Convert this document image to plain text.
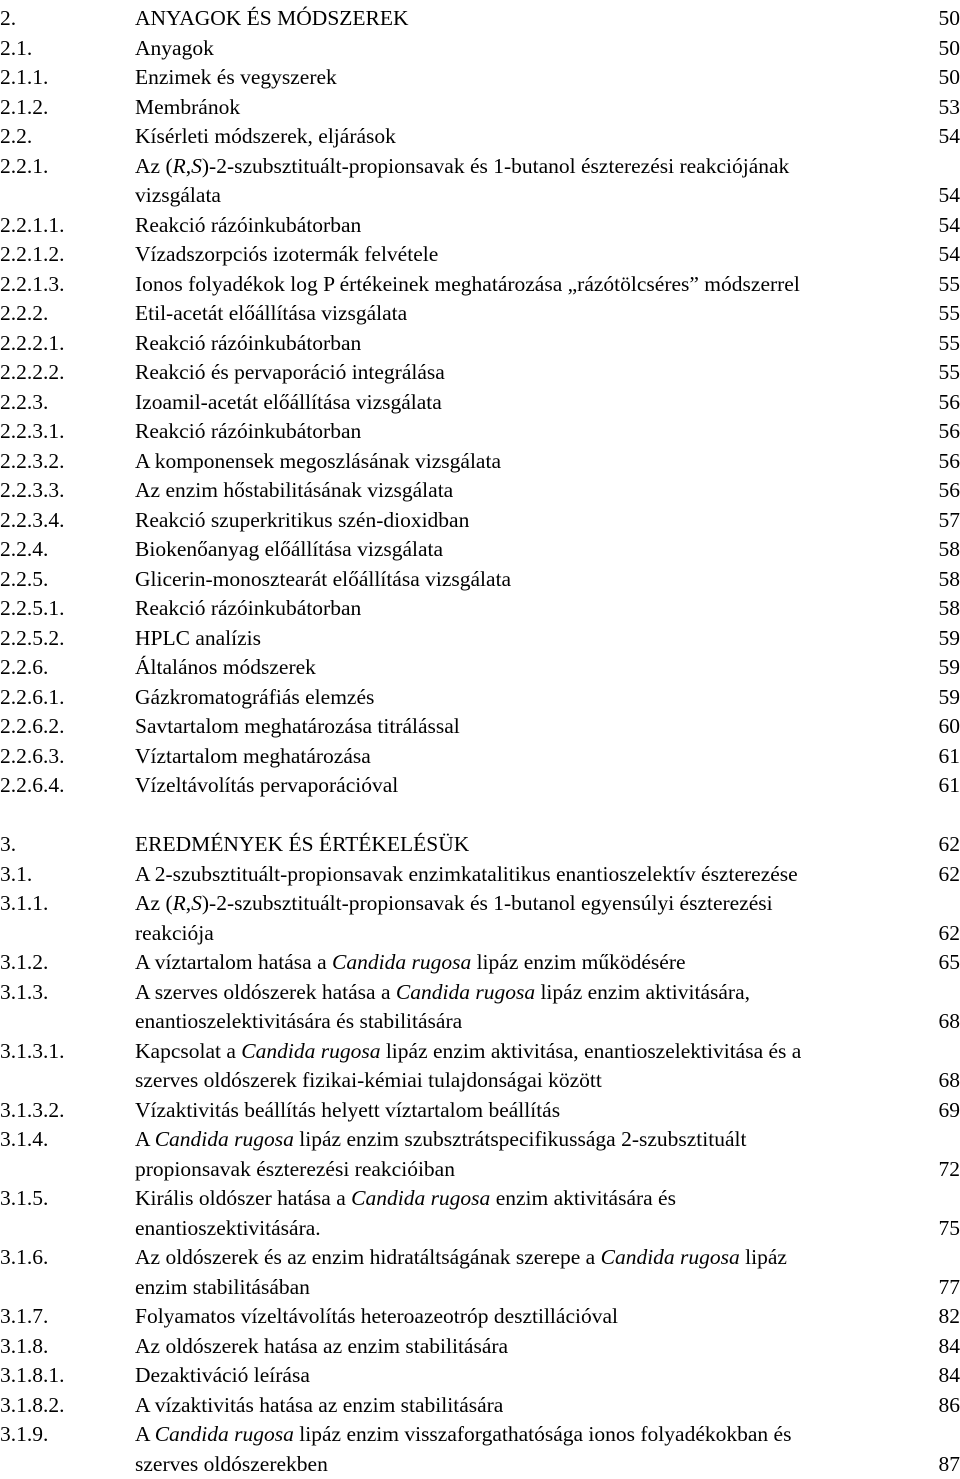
2.	ANYAGOK ÉS MÓDSZEREK	50
2.1.	Anyagok	50
2.1.1.	Enzimek és vegyszerek	50
2.1.2.	Membránok	53
2.2.	Kísérleti módszerek, eljárások	54
2.2.1.	Az (R,S)-2-szubsztituált-propionsavak és 1-butanol észterezési reakciójának
vizsgálata	54
2.2.1.1.	Reakció rázóinkubátorban	54
2.2.1.2.	Vízadszorpciós izotermák felvétele	54
2.2.1.3.	Ionos folyadékok log P értékeinek meghatározása „rázótölcséres” módszerrel	55
2.2.2.	Etil-acetát előállítása vizsgálata	55
2.2.2.1.	Reakció rázóinkubátorban	55
2.2.2.2.	Reakció és pervaporáció integrálása	55
2.2.3.	Izoamil-acetát előállítása vizsgálata	56
2.2.3.1.	Reakció rázóinkubátorban	56
2.2.3.2.	A komponensek megoszlásának vizsgálata	56
2.2.3.3.	Az enzim hőstabilitásának vizsgálata	56
2.2.3.4.	Reakció szuperkritikus szén-dioxidban	57
2.2.4.	Biokenőanyag előállítása vizsgálata	58
2.2.5.	Glicerin-monosztearát előállítása vizsgálata	58
2.2.5.1.	Reakció rázóinkubátorban	58
2.2.5.2.	HPLC analízis	59
2.2.6.	Általános módszerek	59
2.2.6.1.	Gázkromatográfiás elemzés	59
2.2.6.2.	Savtartalom meghatározása titrálással	60
2.2.6.3.	Víztartalom meghatározása	61
2.2.6.4.	Vízeltávolítás pervaporációval	61
3.	EREDMÉNYEK ÉS ÉRTÉKELÉSÜK	62
3.1.	A 2-szubsztituált-propionsavak enzimkatalitikus enantioszelektív észterezése	62
3.1.1.	Az (R,S)-2-szubsztituált-propionsavak és 1-butanol egyensúlyi észterezési
reakciója	62
3.1.2.	A víztartalom hatása a Candida rugosa lipáz enzim működésére	65
3.1.3.	A szerves oldószerek hatása a Candida rugosa lipáz enzim aktivitására,
enantioszelektivitására és stabilitására	68
3.1.3.1.	Kapcsolat a Candida rugosa lipáz enzim aktivitása, enantioszelektivitása és a
szerves oldószerek fizikai-kémiai tulajdonságai között	68
3.1.3.2.	Vízaktivitás beállítás helyett víztartalom beállítás	69
3.1.4.	A Candida rugosa lipáz enzim szubsztrátspecifikussága 2-szubsztituált
propionsavak észterezési reakcióiban	72
3.1.5.	Királis oldószer hatása a Candida rugosa enzim aktivitására és
enantioszektivitására.	75
3.1.6.	Az oldószerek és az enzim hidratáltságának szerepe a Candida rugosa lipáz
enzim stabilitásában	77
3.1.7.	Folyamatos vízeltávolítás heteroazeotróp desztillációval	82
3.1.8.	Az oldószerek hatása az enzim stabilitására	84
3.1.8.1.	Dezaktiváció leírása	84
3.1.8.2.	A vízaktivitás hatása az enzim stabilitására	86
3.1.9.	A Candida rugosa lipáz enzim visszaforgathatósága ionos folyadékokban és
szerves oldószerekben	87
